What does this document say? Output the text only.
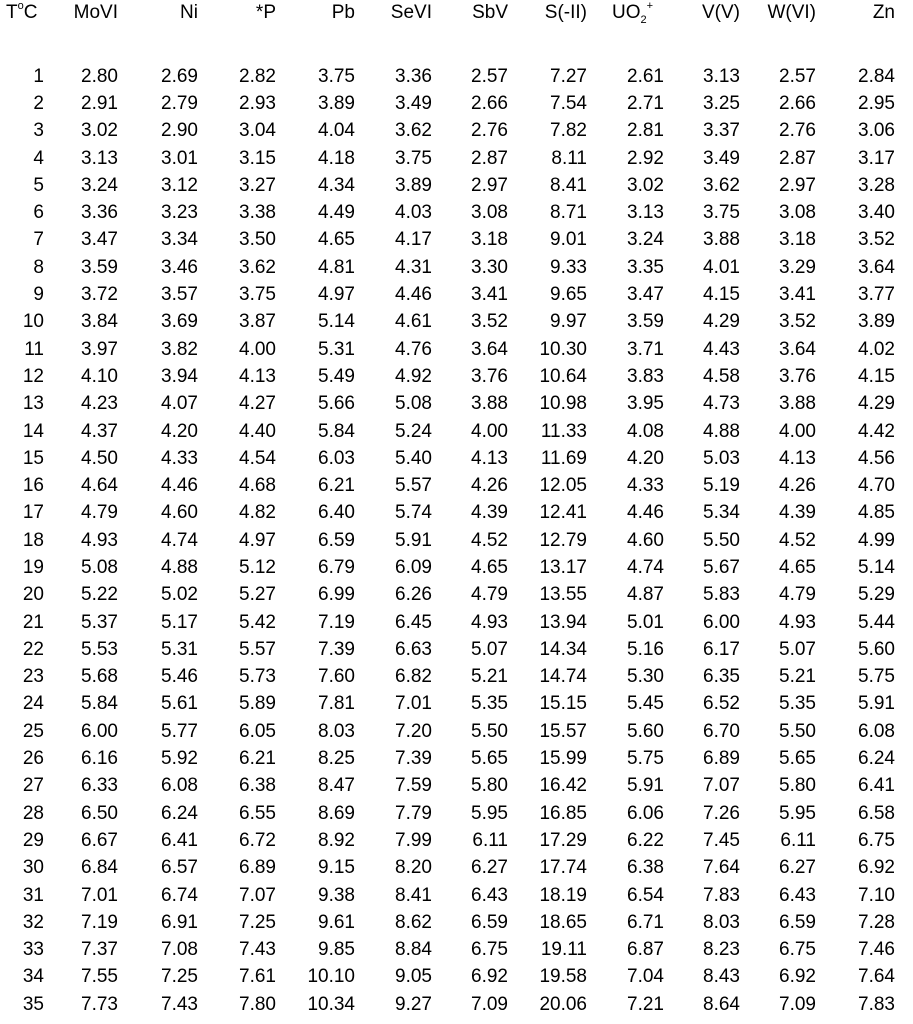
$T^oC$	MoVI	Ni	*P	Pb	SeVI	SbV	S(-II)	$UO_2^+$	V(V)	W(VI)	Zn
1	2.80	2.69	2.82	3.75	3.36	2.57	7.27	2.61	3.13	2.57	2.84
2	2.91	2.79	2.93	3.89	3.49	2.66	7.54	2.71	3.25	2.66	2.95
3	3.02	2.90	3.04	4.04	3.62	2.76	7.82	2.81	3.37	2.76	3.06
4	3.13	3.01	3.15	4.18	3.75	2.87	8.11	2.92	3.49	2.87	3.17
5	3.24	3.12	3.27	4.34	3.89	2.97	8.41	3.02	3.62	2.97	3.28
6	3.36	3.23	3.38	4.49	4.03	3.08	8.71	3.13	3.75	3.08	3.40
7	3.47	3.34	3.50	4.65	4.17	3.18	9.01	3.24	3.88	3.18	3.52
8	3.59	3.46	3.62	4.81	4.31	3.30	9.33	3.35	4.01	3.29	3.64
9	3.72	3.57	3.75	4.97	4.46	3.41	9.65	3.47	4.15	3.41	3.77
10	3.84	3.69	3.87	5.14	4.61	3.52	9.97	3.59	4.29	3.52	3.89
11	3.97	3.82	4.00	5.31	4.76	3.64	10.30	3.71	4.43	3.64	4.02
12	4.10	3.94	4.13	5.49	4.92	3.76	10.64	3.83	4.58	3.76	4.15
13	4.23	4.07	4.27	5.66	5.08	3.88	10.98	3.95	4.73	3.88	4.29
14	4.37	4.20	4.40	5.84	5.24	4.00	11.33	4.08	4.88	4.00	4.42
15	4.50	4.33	4.54	6.03	5.40	4.13	11.69	4.20	5.03	4.13	4.56
16	4.64	4.46	4.68	6.21	5.57	4.26	12.05	4.33	5.19	4.26	4.70
17	4.79	4.60	4.82	6.40	5.74	4.39	12.41	4.46	5.34	4.39	4.85
18	4.93	4.74	4.97	6.59	5.91	4.52	12.79	4.60	5.50	4.52	4.99
19	5.08	4.88	5.12	6.79	6.09	4.65	13.17	4.74	5.67	4.65	5.14
20	5.22	5.02	5.27	6.99	6.26	4.79	13.55	4.87	5.83	4.79	5.29
21	5.37	5.17	5.42	7.19	6.45	4.93	13.94	5.01	6.00	4.93	5.44
22	5.53	5.31	5.57	7.39	6.63	5.07	14.34	5.16	6.17	5.07	5.60
23	5.68	5.46	5.73	7.60	6.82	5.21	14.74	5.30	6.35	5.21	5.75
24	5.84	5.61	5.89	7.81	7.01	5.35	15.15	5.45	6.52	5.35	5.91
25	6.00	5.77	6.05	8.03	7.20	5.50	15.57	5.60	6.70	5.50	6.08
26	6.16	5.92	6.21	8.25	7.39	5.65	15.99	5.75	6.89	5.65	6.24
27	6.33	6.08	6.38	8.47	7.59	5.80	16.42	5.91	7.07	5.80	6.41
28	6.50	6.24	6.55	8.69	7.79	5.95	16.85	6.06	7.26	5.95	6.58
29	6.67	6.41	6.72	8.92	7.99	6.11	17.29	6.22	7.45	6.11	6.75
30	6.84	6.57	6.89	9.15	8.20	6.27	17.74	6.38	7.64	6.27	6.92
31	7.01	6.74	7.07	9.38	8.41	6.43	18.19	6.54	7.83	6.43	7.10
32	7.19	6.91	7.25	9.61	8.62	6.59	18.65	6.71	8.03	6.59	7.28
33	7.37	7.08	7.43	9.85	8.84	6.75	19.11	6.87	8.23	6.75	7.46
34	7.55	7.25	7.61	10.10	9.05	6.92	19.58	7.04	8.43	6.92	7.64
35	7.73	7.43	7.80	10.34	9.27	7.09	20.06	7.21	8.64	7.09	7.83
